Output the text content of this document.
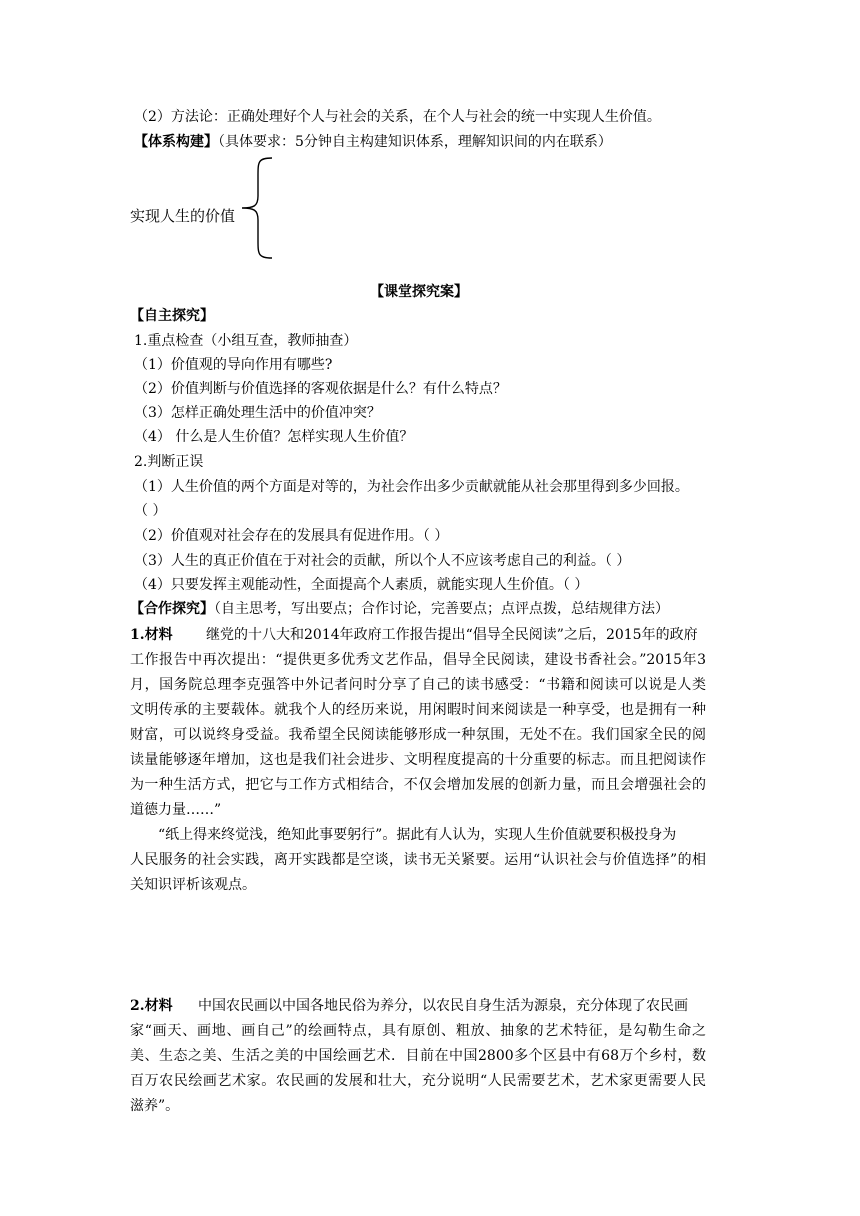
（2）方法论：正确处理好个人与社会的关系，在个人与社会的统一中实现人生价值。
【体系构建】（具体要求：5分钟自主构建知识体系，理解知识间的内在联系）
实现人生的价值
【课堂探究案】
【自主探究】
1.重点检查（小组互查，教师抽查）
（1）价值观的导向作用有哪些?
（2）价值判断与价值选择的客观依据是什么？有什么特点？
（3）怎样正确处理生活中的价值冲突？
（4） 什么是人生价值？怎样实现人生价值？
2.判断正误
（1）人生价值的两个方面是对等的，为社会作出多少贡献就能从社会那里得到多少回报。
（ ）
（2）价值观对社会存在的发展具有促进作用。（ ）
（3）人生的真正价值在于对社会的贡献，所以个人不应该考虑自己的利益。（ ）
（4）只要发挥主观能动性，全面提高个人素质，就能实现人生价值。（ ）
【合作探究】（自主思考，写出要点；合作讨论，完善要点；点评点拨，总结规律方法）
1.材料 继党的十八大和2014年政府工作报告提出“倡导全民阅读”之后，2015年的政府
工作报告中再次提出：“提供更多优秀文艺作品，倡导全民阅读，建设书香社会。”2015年3
月，国务院总理李克强答中外记者问时分享了自己的读书感受：“书籍和阅读可以说是人类
文明传承的主要载体。就我个人的经历来说，用闲暇时间来阅读是一种享受，也是拥有一种
财富，可以说终身受益。我希望全民阅读能够形成一种氛围，无处不在。我们国家全民的阅
读量能够逐年增加，这也是我们社会进步、文明程度提高的十分重要的标志。而且把阅读作
为一种生活方式，把它与工作方式相结合，不仅会增加发展的创新力量，而且会增强社会的
道德力量……”
“纸上得来终觉浅，绝知此事要躬行”。据此有人认为，实现人生价值就要积极投身为
人民服务的社会实践，离开实践都是空谈，读书无关紧要。运用“认识社会与价值选择”的相
关知识评析该观点。
2.材料 中国农民画以中国各地民俗为养分，以农民自身生活为源泉，充分体现了农民画
家“画天、画地、画自己”的绘画特点，具有原创、粗放、抽象的艺术特征，是勾勒生命之
美、生态之美、生活之美的中国绘画艺术．目前在中国2800多个区县中有68万个乡村，数
百万农民绘画艺术家。农民画的发展和壮大，充分说明“人民需要艺术，艺术家更需要人民
滋养”。
